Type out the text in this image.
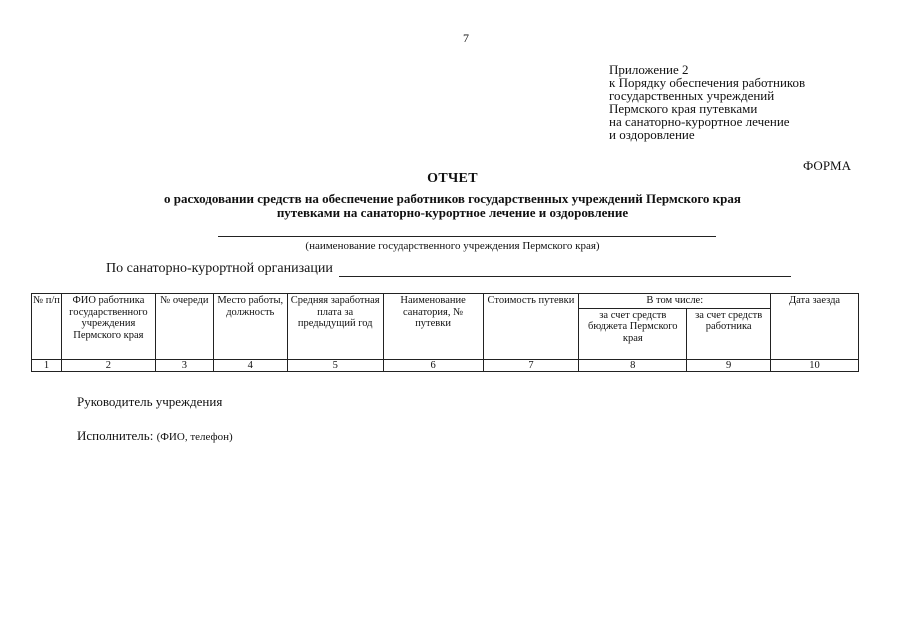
7
Приложение 2
к Порядку обеспечения работников
государственных учреждений
Пермского края путевками
на санаторно-курортное лечение
и оздоровление
ФОРМА
ОТЧЕТ
о расходовании средств на обеспечение работников государственных учреждений Пермского края
путевками на санаторно-курортное лечение и оздоровление
(наименование государственного учреждения Пермского края)
По санаторно-курортной организации
№ п/п	ФИО работника государственного учреждения Пермского края	№ очереди	Место работы, должность	Средняя заработная плата за предыдущий год	Наименование санатория, № путевки	Стоимость путевки	В том числе:		Дата заезда
							за счет средств бюджета Пермского края	за счет средств работника	
1	2	3	4	5	6	7	8	9	10
Руководитель учреждения
Исполнитель: (ФИО, телефон)
